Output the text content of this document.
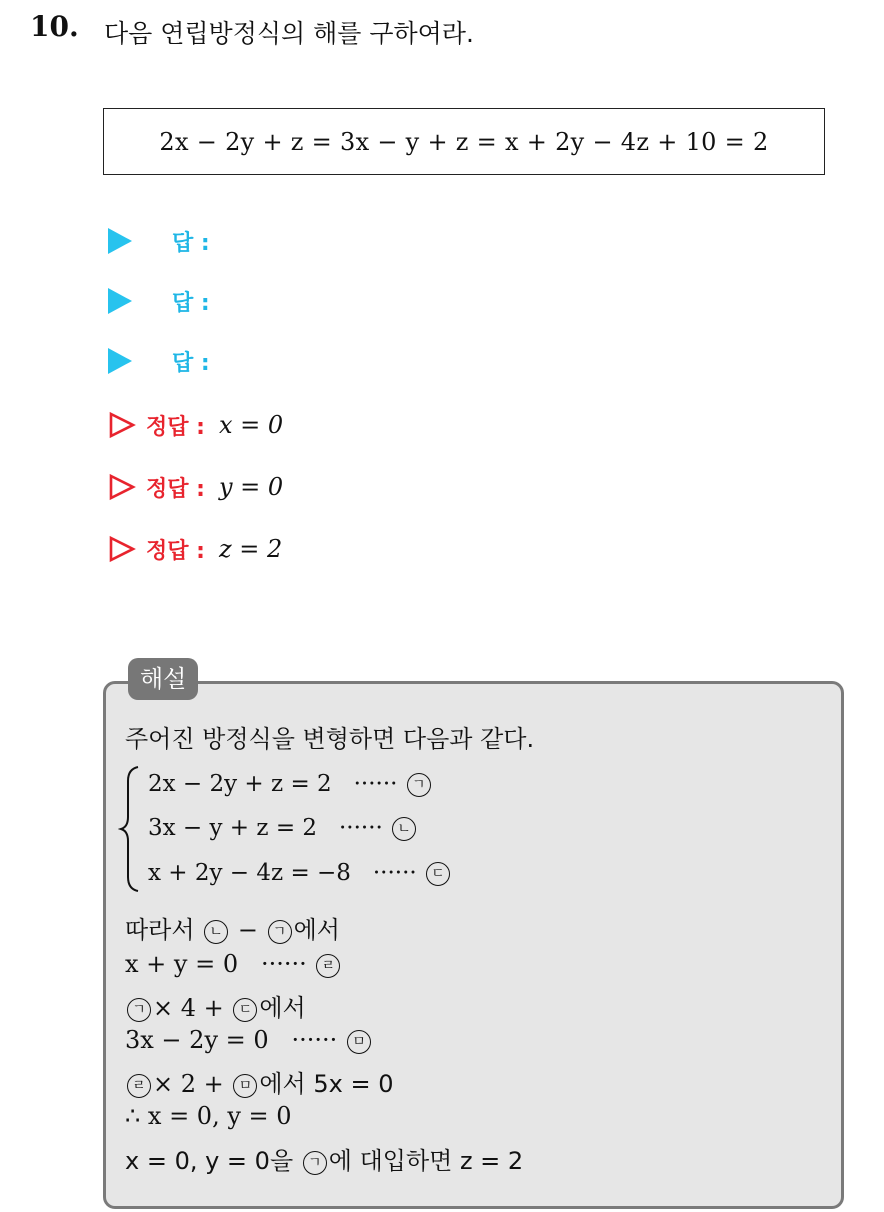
10. 다음 연립방정식의 해를 구하여라.
2x − 2y + z = 3x − y + z = x + 2y − 4z + 10 = 2
답 :
답 :
답 :
정답 : x = 0
정답 : y = 0
정답 : z = 2
해설
주어진 방정식을 변형하면 다음과 같다.
2x − 2y + z = 2 ······ ㄱ
3x − y + z = 2 ······ ㄴ
x + 2y − 4z = −8 ······ ㄷ
따라서 ㄴ − ㄱ 에서
x + y = 0 ······ ㄹ
ㄱ × 4 + ㄷ 에서
3x − 2y = 0 ······ ㅁ
ㄹ × 2 + ㅁ 에서 5x = 0
∴ x = 0, y = 0
x = 0, y = 0을 ㄱ 에 대입하면 z = 2
